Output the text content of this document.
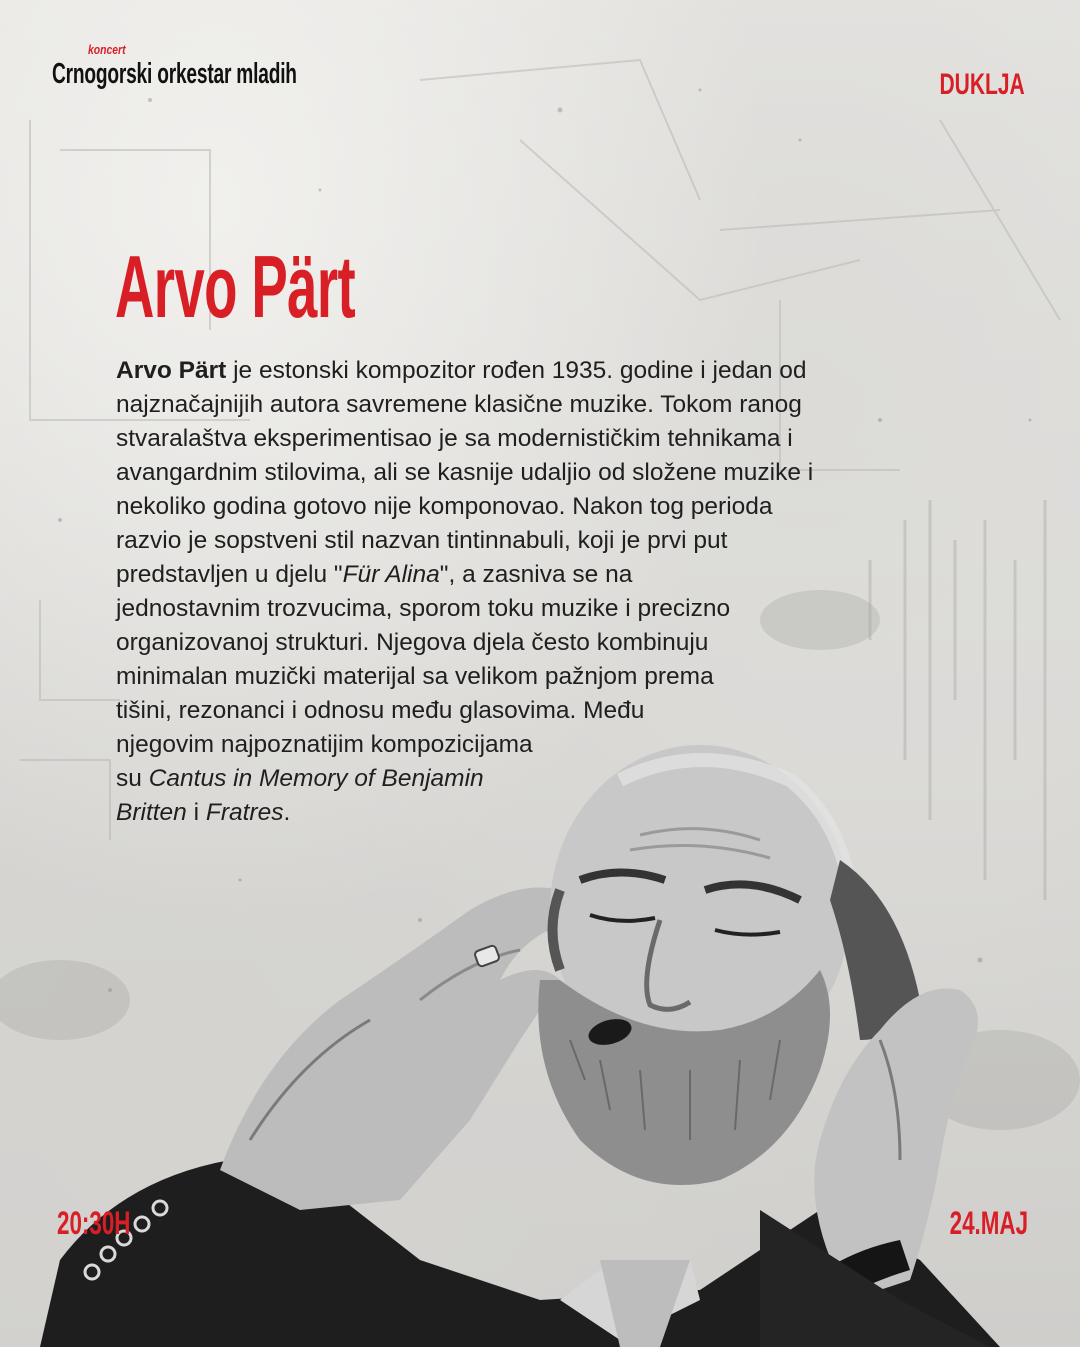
koncert
Crnogorski orkestar mladih	DUKLJA
Arvo Pärt

Arvo Pärt je estonski kompozitor rođen 1935. godine i jedan od
najznačajnijih autora savremene klasične muzike. Tokom ranog
stvaralaštva eksperimentisao je sa modernističkim tehnikama i
avangardnim stilovima, ali se kasnije udaljio od složene muzike i
nekoliko godina gotovo nije komponovao. Nakon tog perioda
razvio je sopstveni stil nazvan tintinnabuli, koji je prvi put
predstavljen u djelu "Für Alina", a zasniva se na
jednostavnim trozvucima, sporom toku muzike i precizno
organizovanoj strukturi. Njegova djela često kombinuju
minimalan muzički materijal sa velikom pažnjom prema
tišini, rezonanci i odnosu među glasovima. Među
njegovim najpoznatijim kompozicijama
su Cantus in Memory of Benjamin
Britten i Fratres.

20:30H	24.MAJ
